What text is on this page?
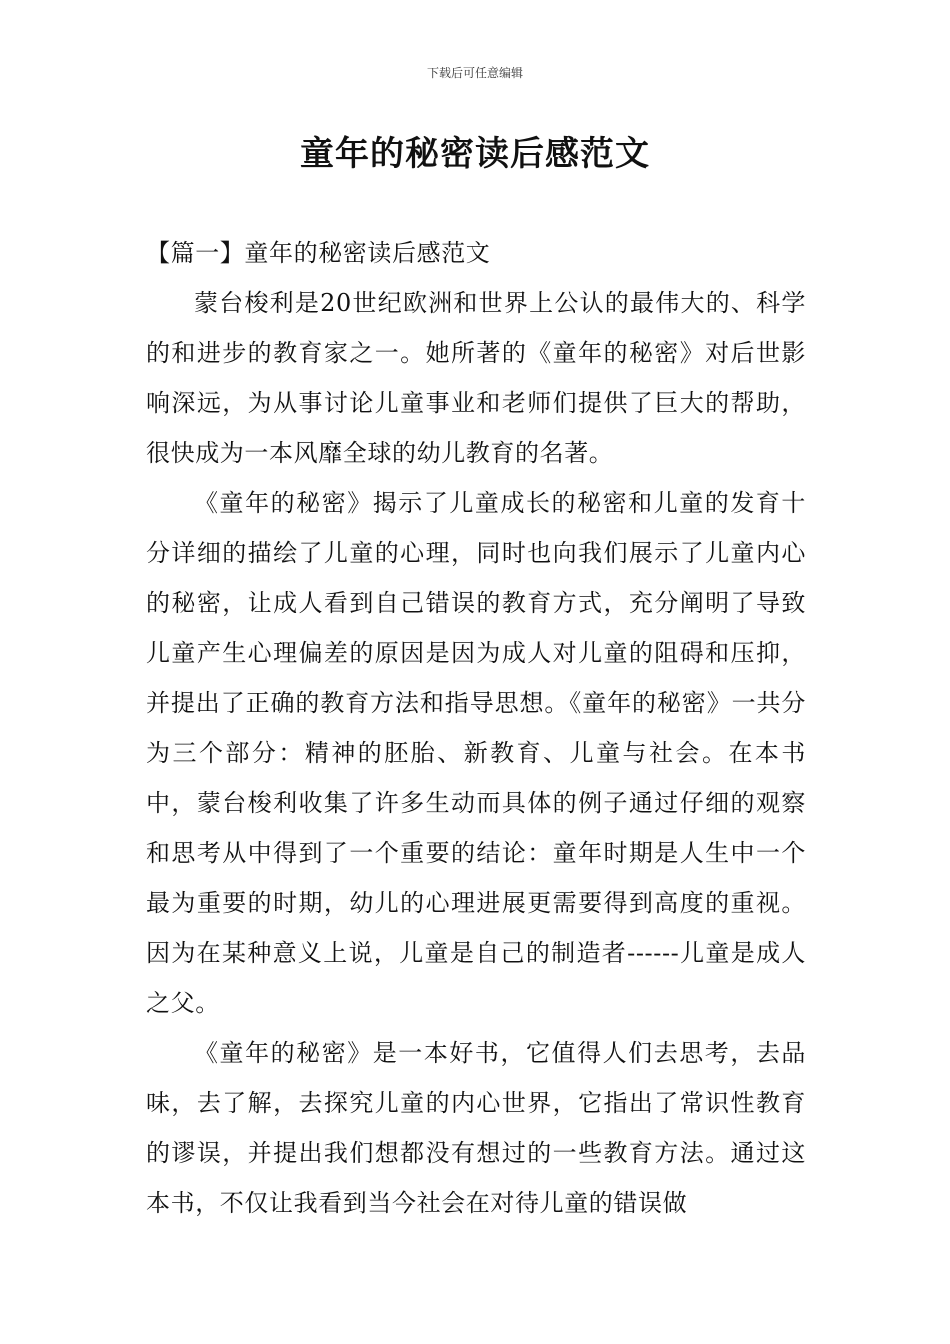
下载后可任意编辑
童年的秘密读后感范文

【篇一】童年的秘密读后感范文

蒙台梭利是20世纪欧洲和世界上公认的最伟大的、科学的和进步的教育家之一。她所著的《童年的秘密》对后世影响深远，为从事讨论儿童事业和老师们提供了巨大的帮助，很快成为一本风靡全球的幼儿教育的名著。

《童年的秘密》揭示了儿童成长的秘密和儿童的发育十分详细的描绘了儿童的心理，同时也向我们展示了儿童内心的秘密，让成人看到自己错误的教育方式，充分阐明了导致儿童产生心理偏差的原因是因为成人对儿童的阻碍和压抑，并提出了正确的教育方法和指导思想。《童年的秘密》一共分为三个部分：精神的胚胎、新教育、儿童与社会。在本书中，蒙台梭利收集了许多生动而具体的例子通过仔细的观察和思考从中得到了一个重要的结论：童年时期是人生中一个最为重要的时期，幼儿的心理进展更需要得到高度的重视。因为在某种意义上说，儿童是自己的制造者------儿童是成人之父。

《童年的秘密》是一本好书，它值得人们去思考，去品味，去了解，去探究儿童的内心世界，它指出了常识性教育的谬误，并提出我们想都没有想过的一些教育方法。通过这本书，不仅让我看到当今社会在对待儿童的错误做
